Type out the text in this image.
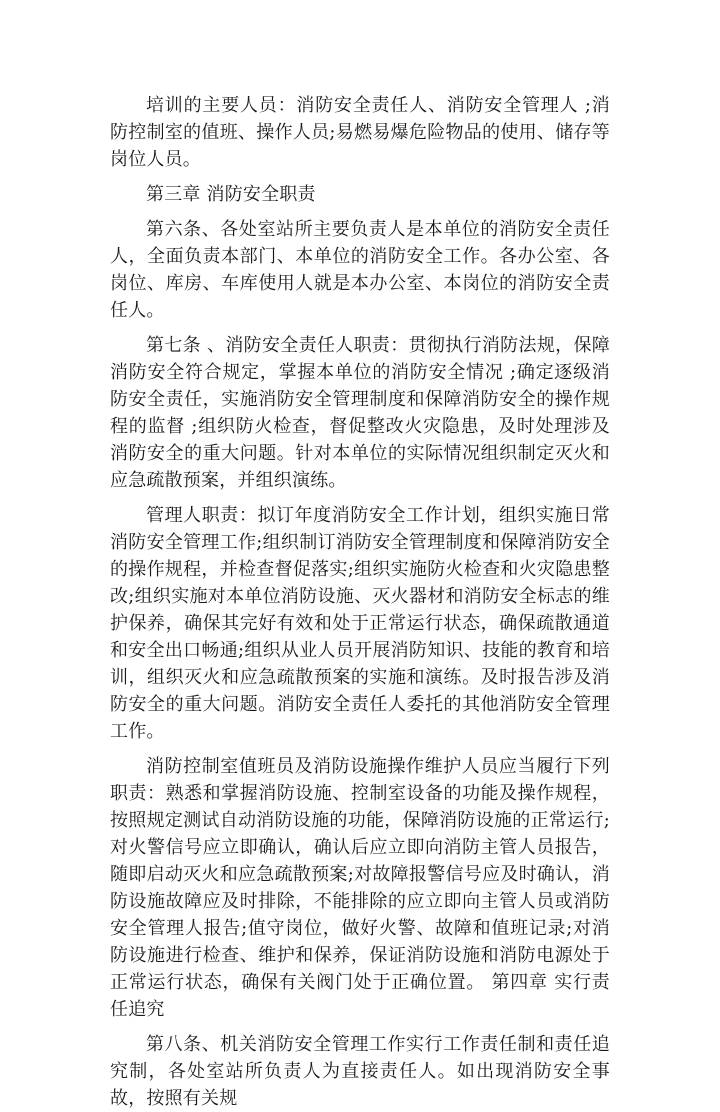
培训的主要人员：消防安全责任人、消防安全管理人 ;消防控制室的值班、操作人员;易燃易爆危险物品的使用、储存等岗位人员。

第三章 消防安全职责

第六条、各处室站所主要负责人是本单位的消防安全责任人，全面负责本部门、本单位的消防安全工作。各办公室、各岗位、库房、车库使用人就是本办公室、本岗位的消防安全责任人。

第七条 、消防安全责任人职责：贯彻执行消防法规，保障消防安全符合规定，掌握本单位的消防安全情况 ;确定逐级消防安全责任，实施消防安全管理制度和保障消防安全的操作规程的监督 ;组织防火检查，督促整改火灾隐患，及时处理涉及消防安全的重大问题。针对本单位的实际情况组织制定灭火和应急疏散预案，并组织演练。

管理人职责：拟订年度消防安全工作计划，组织实施日常消防安全管理工作;组织制订消防安全管理制度和保障消防安全的操作规程，并检查督促落实;组织实施防火检查和火灾隐患整改;组织实施对本单位消防设施、灭火器材和消防安全标志的维护保养，确保其完好有效和处于正常运行状态，确保疏散通道和安全出口畅通;组织从业人员开展消防知识、技能的教育和培训，组织灭火和应急疏散预案的实施和演练。及时报告涉及消防安全的重大问题。消防安全责任人委托的其他消防安全管理工作。

消防控制室值班员及消防设施操作维护人员应当履行下列职责：熟悉和掌握消防设施、控制室设备的功能及操作规程，按照规定测试自动消防设施的功能，保障消防设施的正常运行;对火警信号应立即确认，确认后应立即向消防主管人员报告，随即启动灭火和应急疏散预案;对故障报警信号应及时确认，消防设施故障应及时排除，不能排除的应立即向主管人员或消防安全管理人报告;值守岗位，做好火警、故障和值班记录;对消防设施进行检查、维护和保养，保证消防设施和消防电源处于正常运行状态，确保有关阀门处于正确位置。 第四章 实行责任追究

第八条、机关消防安全管理工作实行工作责任制和责任追究制，各处室站所负责人为直接责任人。如出现消防安全事故，按照有关规
